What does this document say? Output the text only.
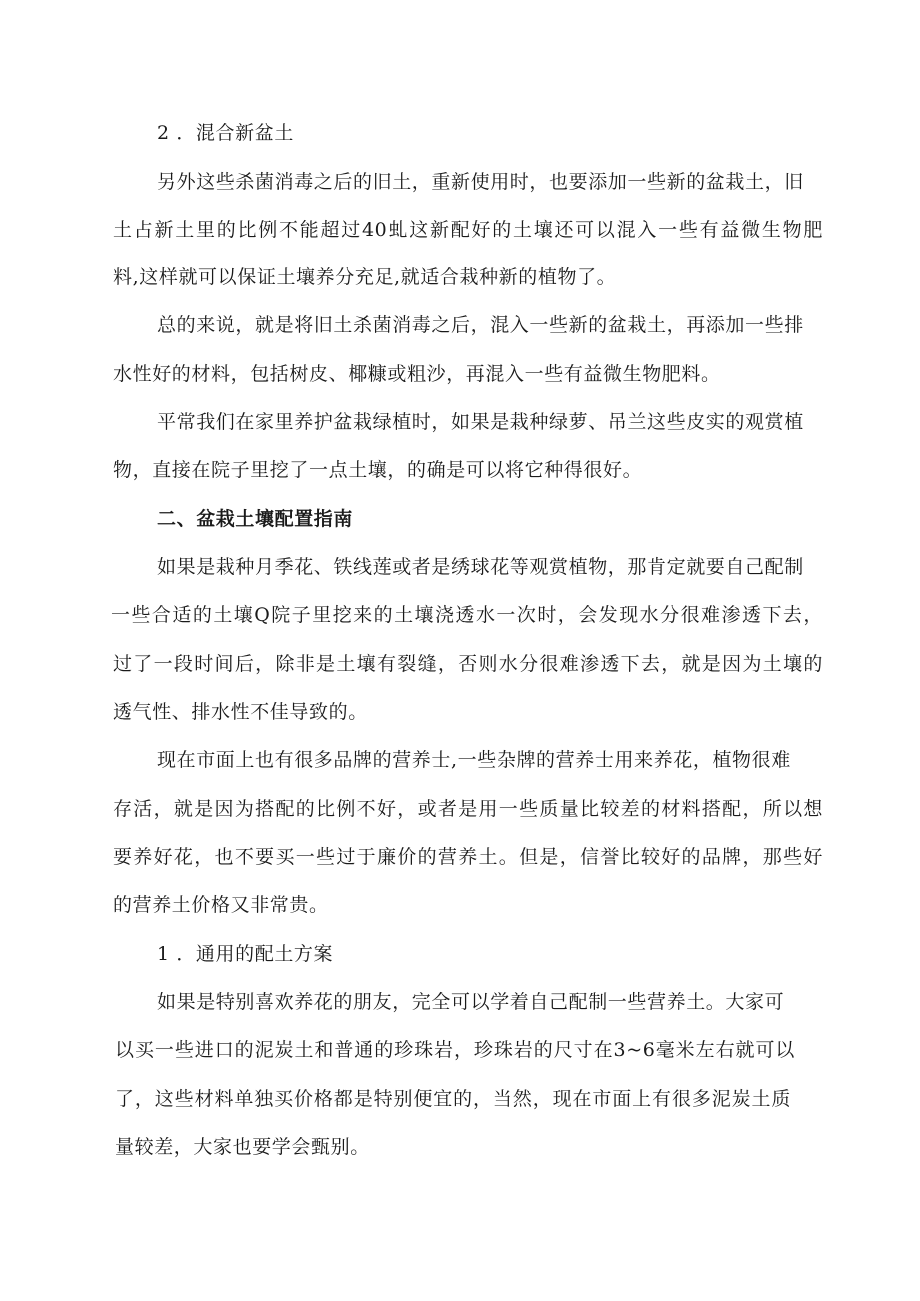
2 ．混合新盆土
另外这些杀菌消毒之后的旧土，重新使用时，也要添加一些新的盆栽土，旧
土占新土里的比例不能超过40虬这新配好的土壤还可以混入一些有益微生物肥
料,这样就可以保证土壤养分充足,就适合栽种新的植物了。
总的来说，就是将旧土杀菌消毒之后，混入一些新的盆栽土，再添加一些排
水性好的材料，包括树皮、椰糠或粗沙，再混入一些有益微生物肥料。
平常我们在家里养护盆栽绿植时，如果是栽种绿萝、吊兰这些皮实的观赏植
物，直接在院子里挖了一点土壤，的确是可以将它种得很好。
二、盆栽土壤配置指南
如果是栽种月季花、铁线莲或者是绣球花等观赏植物，那肯定就要自己配制
一些合适的土壤Q院子里挖来的土壤浇透水一次时，会发现水分很难渗透下去，
过了一段时间后，除非是土壤有裂缝，否则水分很难渗透下去，就是因为土壤的
透气性、排水性不佳导致的。
现在市面上也有很多品牌的营养士,一些杂牌的营养士用来养花，植物很难
存活，就是因为搭配的比例不好，或者是用一些质量比较差的材料搭配，所以想
要养好花，也不要买一些过于廉价的营养土。但是，信誉比较好的品牌，那些好
的营养土价格又非常贵。
1 ．通用的配土方案
如果是特别喜欢养花的朋友，完全可以学着自己配制一些营养土。大家可
以买一些进口的泥炭土和普通的珍珠岩，珍珠岩的尺寸在3~6毫米左右就可以
了，这些材料单独买价格都是特别便宜的，当然，现在市面上有很多泥炭土质
量较差，大家也要学会甄别。
